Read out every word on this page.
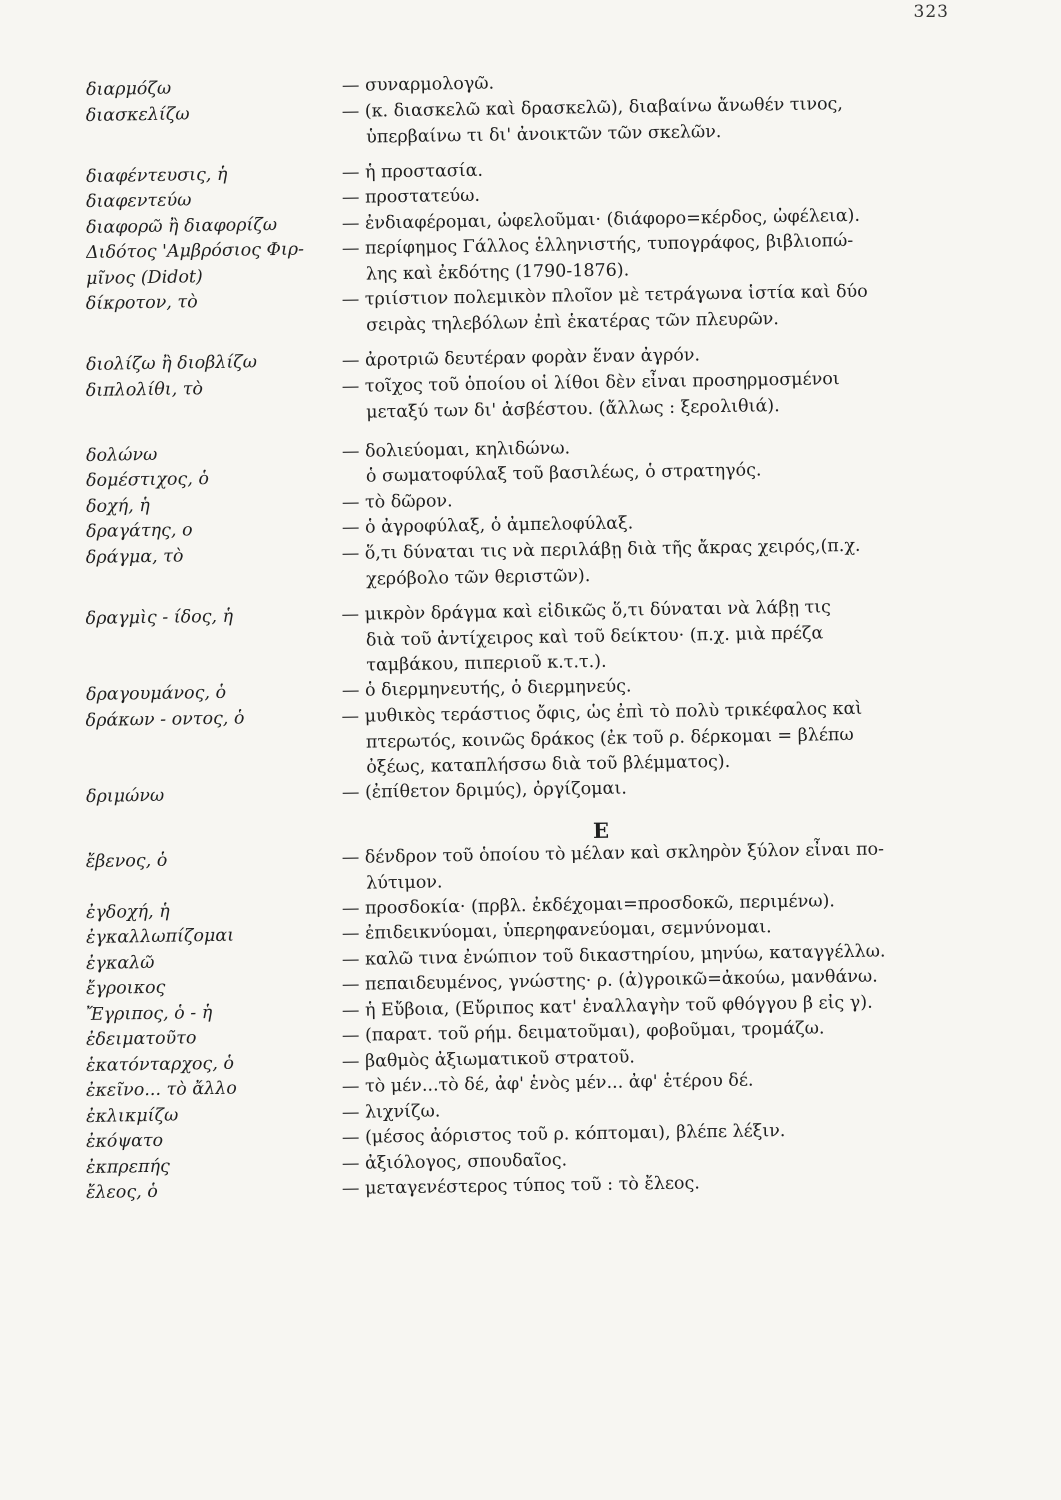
323
διαρμόζω	— συναρμολογῶ.
διασκελίζω	— (κ. διασκελῶ καὶ δρασκελῶ), διαβαίνω ἄνωθέν τινος,
ὑπερβαίνω τι δι' ἀνοικτῶν τῶν σκελῶν.
διαφέντευσις, ἡ	— ἡ προστασία.
διαφεντεύω	— προστατεύω.
διαφορῶ ἢ διαφορίζω	— ἐνδιαφέρομαι, ὠφελοῦμαι· (διάφορο=κέρδος, ὠφέλεια).
Διδότος 'Αμβρόσιος Φιρ-	— περίφημος Γάλλος ἑλληνιστής, τυπογράφος, βιβλιοπώ-
μῖνος (Didot)	λης καὶ ἐκδότης (1790-1876).
δίκροτον, τὸ	— τριίστιον πολεμικὸν πλοῖον μὲ τετράγωνα ἱστία καὶ δύο
σειρὰς τηλεβόλων ἐπὶ ἑκατέρας τῶν πλευρῶν.
διολίζω ἢ διοβλίζω	— ἀροτριῶ δευτέραν φορὰν ἕναν ἀγρόν.
διπλολίθι, τὸ	— τοῖχος τοῦ ὁποίου οἱ λίθοι δὲν εἶναι προσηρμοσμένοι
μεταξύ των δι' ἀσβέστου. (ἄλλως : ξερολιθιά).
δολώνω	— δολιεύομαι, κηλιδώνω.
δομέστιχος, ὁ	ὁ σωματοφύλαξ τοῦ βασιλέως, ὁ στρατηγός.
δοχή, ἡ	— τὸ δῶρον.
δραγάτης, ο	— ὁ ἀγροφύλαξ, ὁ ἀμπελοφύλαξ.
δράγμα, τὸ	— ὅ,τι δύναται τις νὰ περιλάβῃ διὰ τῆς ἄκρας χειρός,(π.χ.
χερόβολο τῶν θεριστῶν).
δραγμὶς - ίδος, ἡ	— μικρὸν δράγμα καὶ εἰδικῶς ὅ,τι δύναται νὰ λάβῃ τις
διὰ τοῦ ἀντίχειρος καὶ τοῦ δείκτου· (π.χ. μιὰ πρέζα
ταμβάκου, πιπεριοῦ κ.τ.τ.).
δραγουμάνος, ὁ	— ὁ διερμηνευτής, ὁ διερμηνεύς.
δράκων - οντος, ὁ	— μυθικὸς τεράστιος ὄφις, ὡς ἐπὶ τὸ πολὺ τρικέφαλος καὶ
πτερωτός, κοινῶς δράκος (ἐκ τοῦ ρ. δέρκομαι = βλέπω
ὀξέως, καταπλήσσω διὰ τοῦ βλέμματος).
δριμώνω	— (ἐπίθετον δριμύς), ὀργίζομαι.
Ε
ἔβενος, ὁ	— δένδρον τοῦ ὁποίου τὸ μέλαν καὶ σκληρὸν ξύλον εἶναι πο-
λύτιμον.
ἐγδοχή, ἡ	— προσδοκία· (πρβλ. ἐκδέχομαι=προσδοκῶ, περιμένω).
ἐγκαλλωπίζομαι	— ἐπιδεικνύομαι, ὑπερηφανεύομαι, σεμνύνομαι.
ἐγκαλῶ	— καλῶ τινα ἐνώπιον τοῦ δικαστηρίου, μηνύω, καταγγέλλω.
ἔγροικος	— πεπαιδευμένος, γνώστης· ρ. (ἀ)γροικῶ=ἀκούω, μανθάνω.
Ἔγριπος, ὁ - ἡ	— ἡ Εὔβοια, (Εὔριπος κατ' ἐναλλαγὴν τοῦ φθόγγου β εἰς γ).
ἐδειματοῦτο	— (παρατ. τοῦ ρήμ. δειματοῦμαι), φοβοῦμαι, τρομάζω.
ἑκατόνταρχος, ὁ	— βαθμὸς ἀξιωματικοῦ στρατοῦ.
ἐκεῖνο... τὸ ἄλλο	— τὸ μέν...τὸ δέ, ἀφ' ἑνὸς μέν... ἀφ' ἑτέρου δέ.
ἐκλικμίζω	— λιχνίζω.
ἐκόψατο	— (μέσος ἀόριστος τοῦ ρ. κόπτομαι), βλέπε λέξιν.
ἐκπρεπής	— ἀξιόλογος, σπουδαῖος.
ἔλεος, ὁ	— μεταγενέστερος τύπος τοῦ : τὸ ἔλεος.
